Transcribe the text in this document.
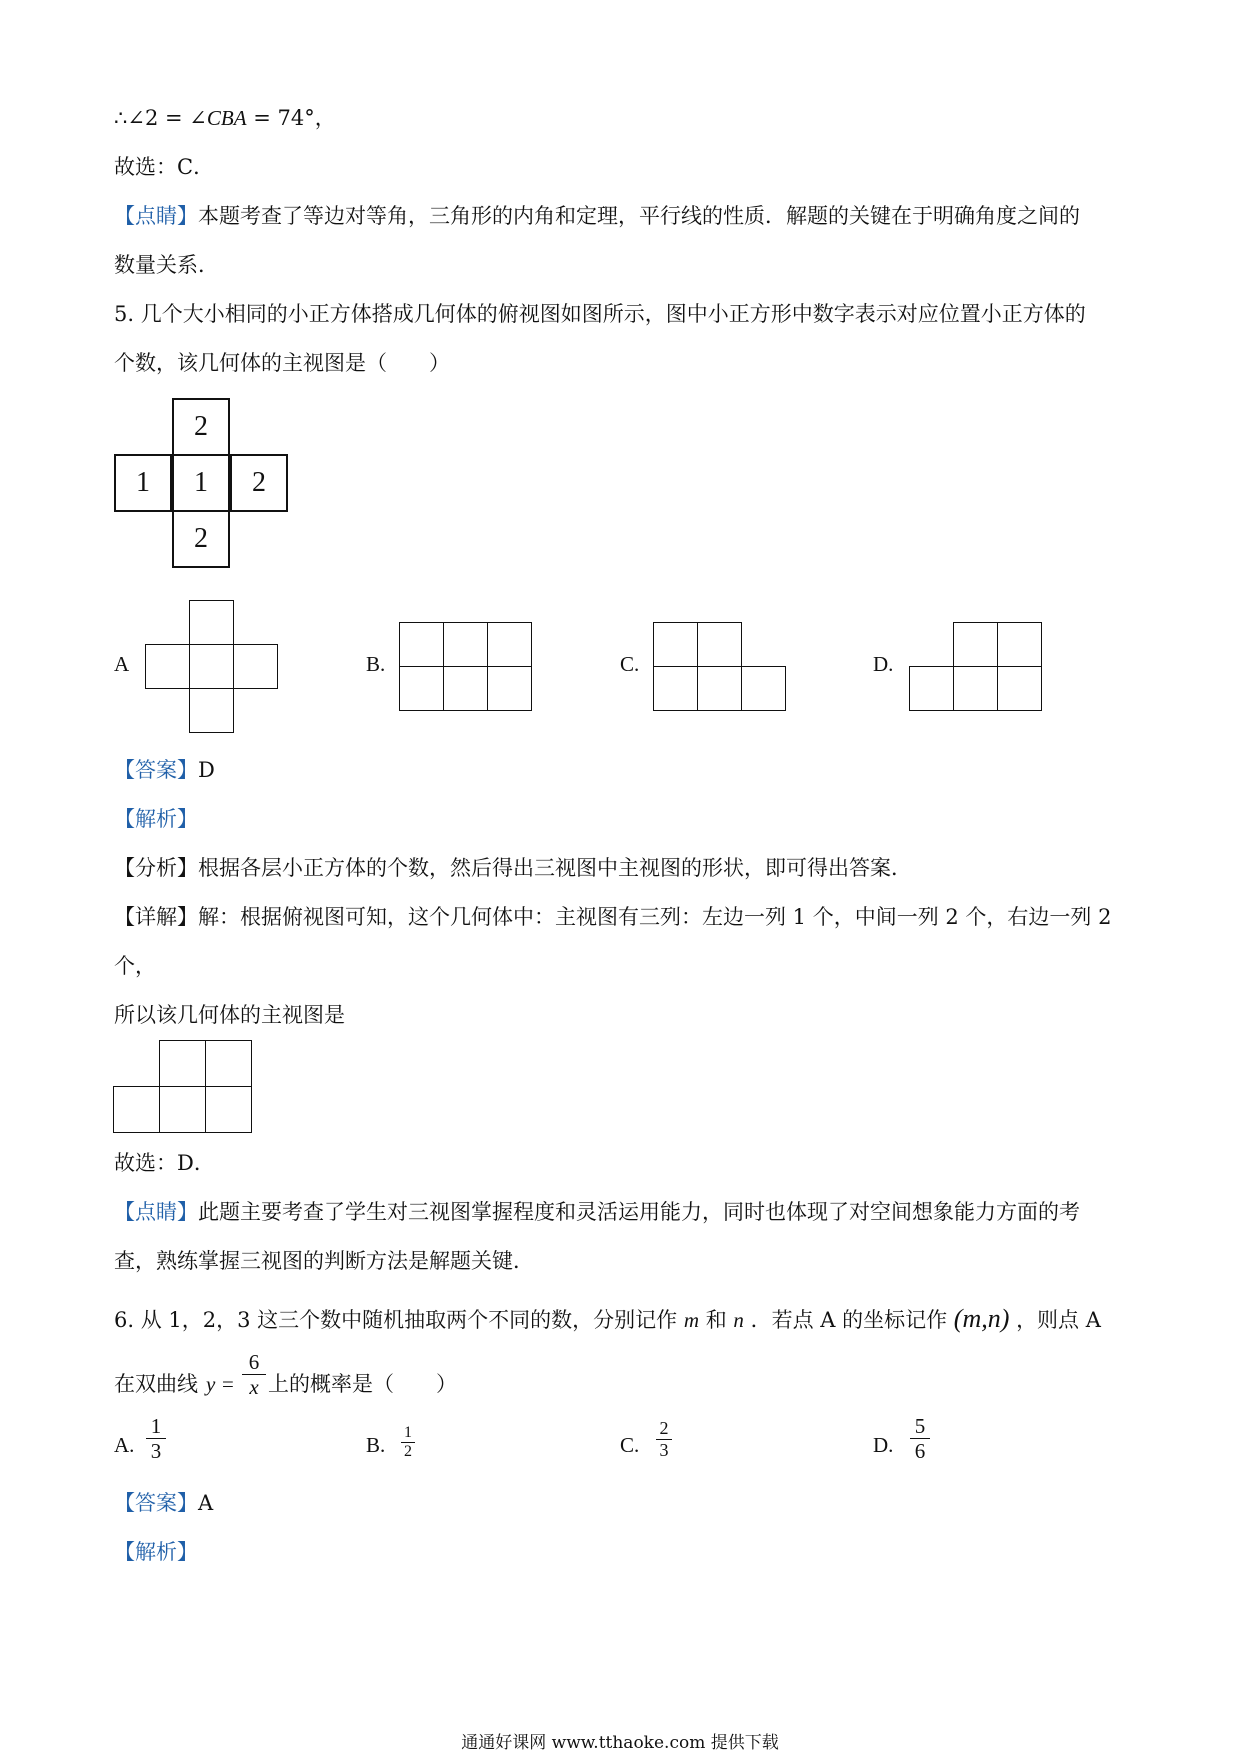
∴∠2 = ∠CBA = 74°，
故选：C．
【点睛】本题考查了等边对等角，三角形的内角和定理，平行线的性质．解题的关键在于明确角度之间的
数量关系．
5. 几个大小相同的小正方体搭成几何体的俯视图如图所示，图中小正方形中数字表示对应位置小正方体的
个数，该几何体的主视图是（　　）
2
1	1	2
2
A	B.	C.	D.
【答案】D
【解析】
【分析】根据各层小正方体的个数，然后得出三视图中主视图的形状，即可得出答案．
【详解】解：根据俯视图可知，这个几何体中：主视图有三列：左边一列 1 个，中间一列 2 个，右边一列 2
个，
所以该几何体的主视图是
故选：D．
【点睛】此题主要考查了学生对三视图掌握程度和灵活运用能力，同时也体现了对空间想象能力方面的考
查，熟练掌握三视图的判断方法是解题关键．
6. 从 1，2，3 这三个数中随机抽取两个不同的数，分别记作 m 和 n ．若点 A 的坐标记作 (m,n) ，则点 A
在双曲线 y =
6
x 上的概率是（　　）
A.
1
3	B.
1
2	C.
2
3	D.
5
6
【答案】A
【解析】
通通好课网 www.tthaoke.com 提供下载
